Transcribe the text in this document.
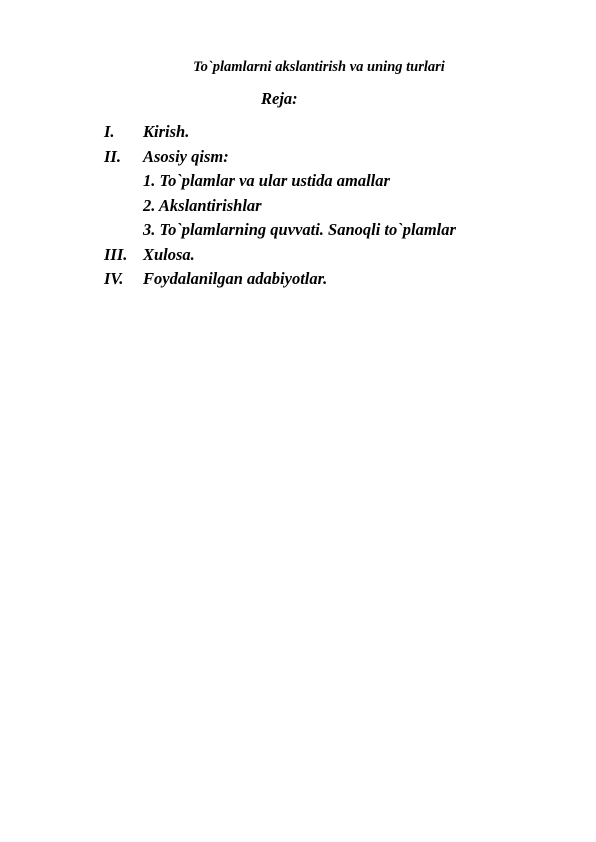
To`plamlarni akslantirish va uning turlari
Reja:
I. Kirish.
II. Asosiy qism:
1. To`plamlar va ular ustida amallar
2. Akslantirishlar
3. To`plamlarning quvvati. Sanoqli to`plamlar
III. Xulosa.
IV. Foydalanilgan adabiyotlar.
